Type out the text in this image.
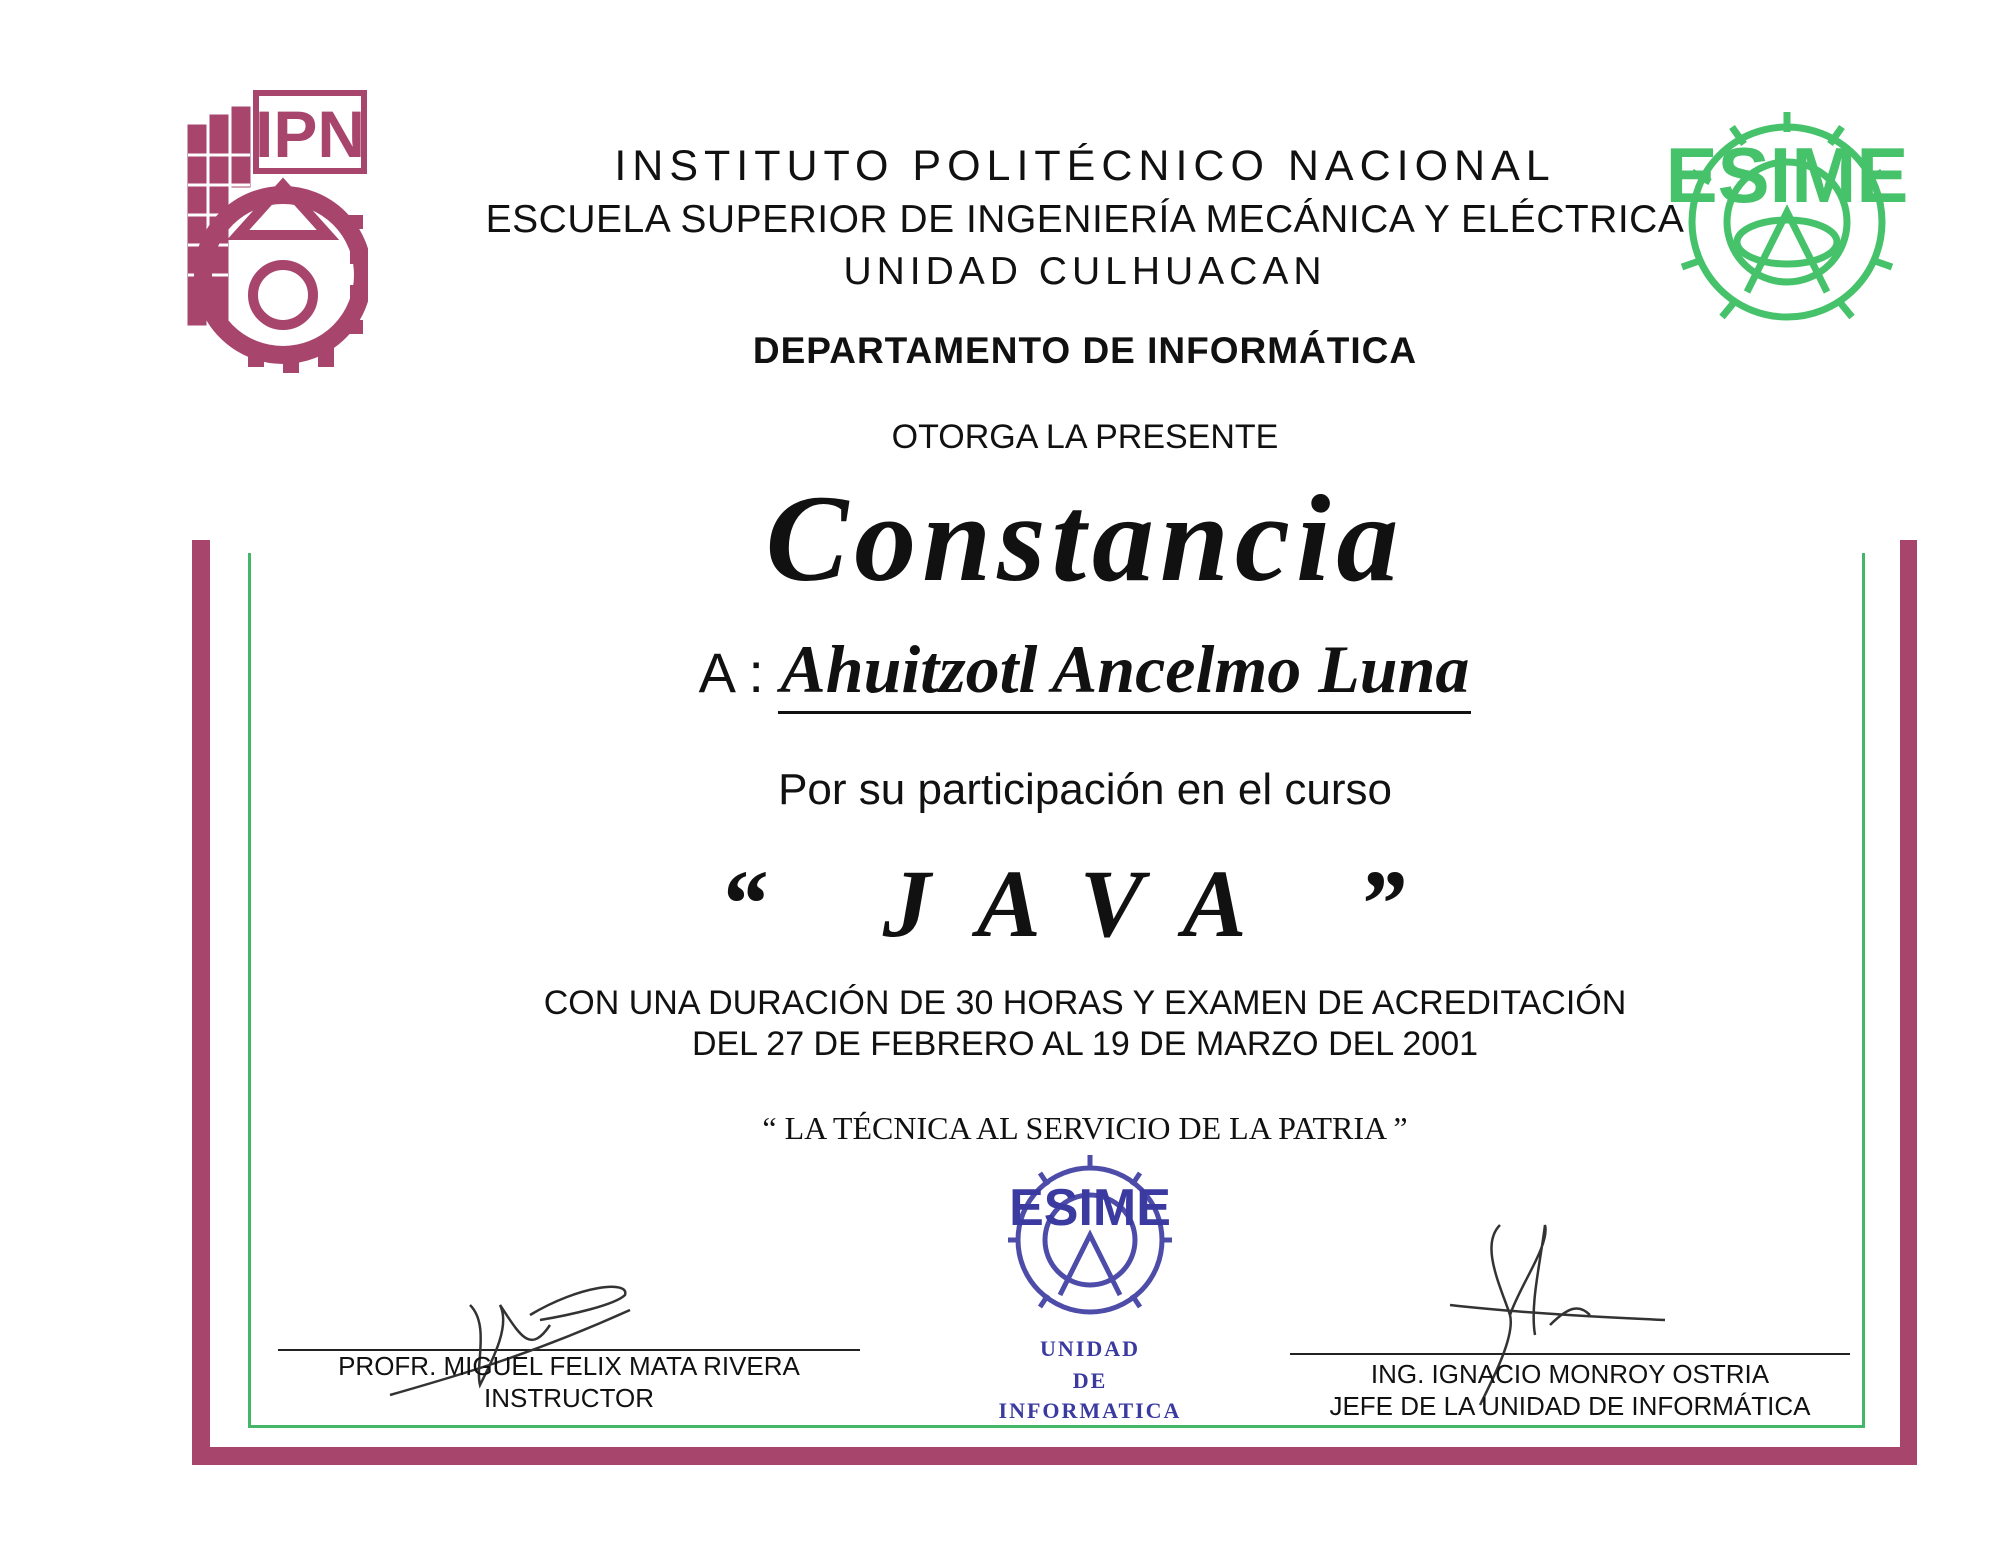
IPN	ESIME
INSTITUTO POLITÉCNICO NACIONAL
ESCUELA SUPERIOR DE INGENIERÍA MECÁNICA Y ELÉCTRICA
UNIDAD CULHUACAN
DEPARTAMENTO DE INFORMÁTICA
OTORGA LA PRESENTE
Constancia
A : Ahuitzotl Ancelmo Luna
Por su participación en el curso
“ JAVA ”
CON UNA DURACIÓN DE 30 HORAS Y EXAMEN DE ACREDITACIÓN
DEL 27 DE FEBRERO AL 19 DE MARZO DEL 2001
“ LA TÉCNICA AL SERVICIO DE LA PATRIA ”
ESIME
UNIDAD
DE
INFORMATICA
PROFR. MIGUEL FELIX MATA RIVERA
INSTRUCTOR
ING. IGNACIO MONROY OSTRIA
JEFE DE LA UNIDAD DE INFORMÁTICA
